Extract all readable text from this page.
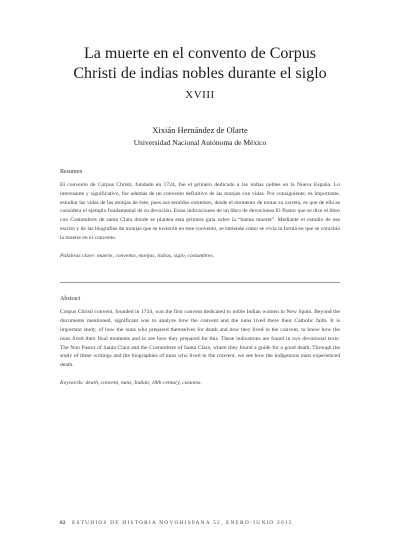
La muerte en el convento de Corpus
Christi de indias nobles durante el siglo XVIII
Xixián Hernández de Olarte
Universidad Nacional Autónoma de México
Resumen

El convento de Corpus Christi, fundado en 1724, fue el primero dedicado a las indias nobles en la Nueva España. Lo interesante y significativo, fue además de un convento definitivo de las monjas con vidas. Por consiguiente, es importante, estudiar las vidas de las monjas de éste, pues sus sentidos extremos, desde el momento de tomar su carrera, es que de ella se considera el ejemplo fundamental de su devoción. Estas indicaciones de un libro de devociones El Pastor que se dice el libro con Costumbres de santa Clara donde se plantea esta primera guía sobre la “buena muerte”. Mediante el estudio de ese escrito y de las biografías de monjas que se tuvieron en este convento, se entiende cómo se vivía la forma en que se concibió la muerte en el convento.

Palabras clave: muerte, convento, monjas, indias, siglo, costumbres.
Abstract

Corpus Christi convent, founded in 1724, was the first convent dedicated to noble Indian women in New Spain. Beyond the documents mentioned, significant was to analyze how the convent and the nuns lived there their Catholic faith. It is important study, of how the nuns who prepared themselves for death and how they lived in the convent, to know how the nuns lived their final moments and to see how they prepared for this. These indications are found in two devotional texts: The Nun Pastor of Santa Clara and the Costumbres of Santa Clara, where they found a guide for a good death. Through the study of these writings and the biographies of nuns who lived in the convent, we see how the indigenous nuns experienced death.

Keywords: death, convent, nuns, Indian, 18th century, customs.
82 ESTUDIOS DE HISTORIA NOVOHISPANA 52, ENERO-JUNIO 2015
